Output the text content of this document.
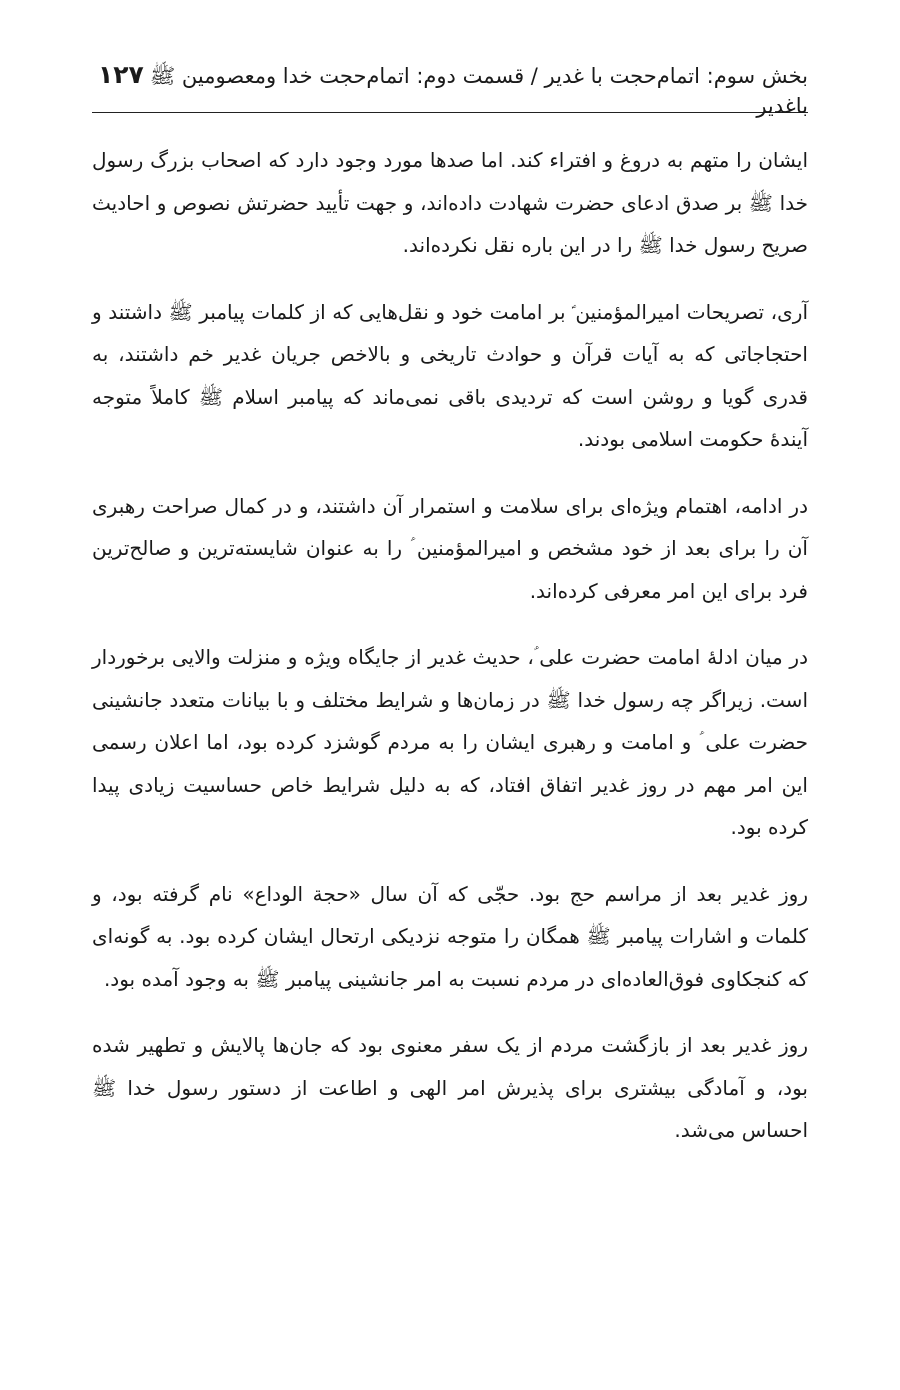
بخش سوم: اتمام‌حجت با غدیر / قسمت دوم: اتمام‌حجت خدا ومعصومین ﷺ باغدیر
۱۲۷

ایشان را متهم به دروغ و افتراء کند. اما صدها مورد وجود دارد که اصحاب بزرگ رسول خدا ﷺ بر صدق ادعای حضرت شهادت داده‌اند، و جهت تأیید حضرتش نصوص و احادیث صریح رسول خدا ﷺ را در این باره نقل نکرده‌اند.

آری، تصریحات امیرالمؤمنین ؑ بر امامت خود و نقل‌هایی که از کلمات پیامبر ﷺ داشتند و احتجاجاتی که به آیات قرآن و حوادث تاریخی و بالاخص جریان غدیر خم داشتند، به قدری گویا و روشن است که تردیدی باقی نمی‌ماند که پیامبر اسلام ﷺ کاملاً متوجه آیندهٔ حکومت اسلامی بودند.

در ادامه، اهتمام ویژه‌ای برای سلامت و استمرار آن داشتند، و در کمال صراحت رهبری آن را برای بعد از خود مشخص و امیرالمؤمنین ؑ را به عنوان شایسته‌ترین و صالح‌ترین فرد برای این امر معرفی کرده‌اند.

در میان ادلهٔ امامت حضرت علی ؑ، حدیث غدیر از جایگاه ویژه و منزلت والایی برخوردار است. زیراگر چه رسول خدا ﷺ در زمان‌ها و شرایط مختلف و با بیانات متعدد جانشینی حضرت علی ؑ و امامت و رهبری ایشان را به مردم گوشزد کرده بود، اما اعلان رسمی این امر مهم در روز غدیر اتفاق افتاد، که به دلیل شرایط خاص حساسیت زیادی پیدا کرده بود.

روز غدیر بعد از مراسم حج بود. حجّی که آن سال «حجة الوداع» نام گرفته بود، و کلمات و اشارات پیامبر ﷺ همگان را متوجه نزدیکی ارتحال ایشان کرده بود. به گونه‌ای که کنجکاوی فوق‌العاده‌ای در مردم نسبت به امر جانشینی پیامبر ﷺ به وجود آمده بود.

روز غدیر بعد از بازگشت مردم از یک سفر معنوی بود که جان‌ها پالایش و تطهیر شده بود، و آمادگی بیشتری برای پذیرش امر الهی و اطاعت از دستور رسول خدا ﷺ احساس می‌شد.
